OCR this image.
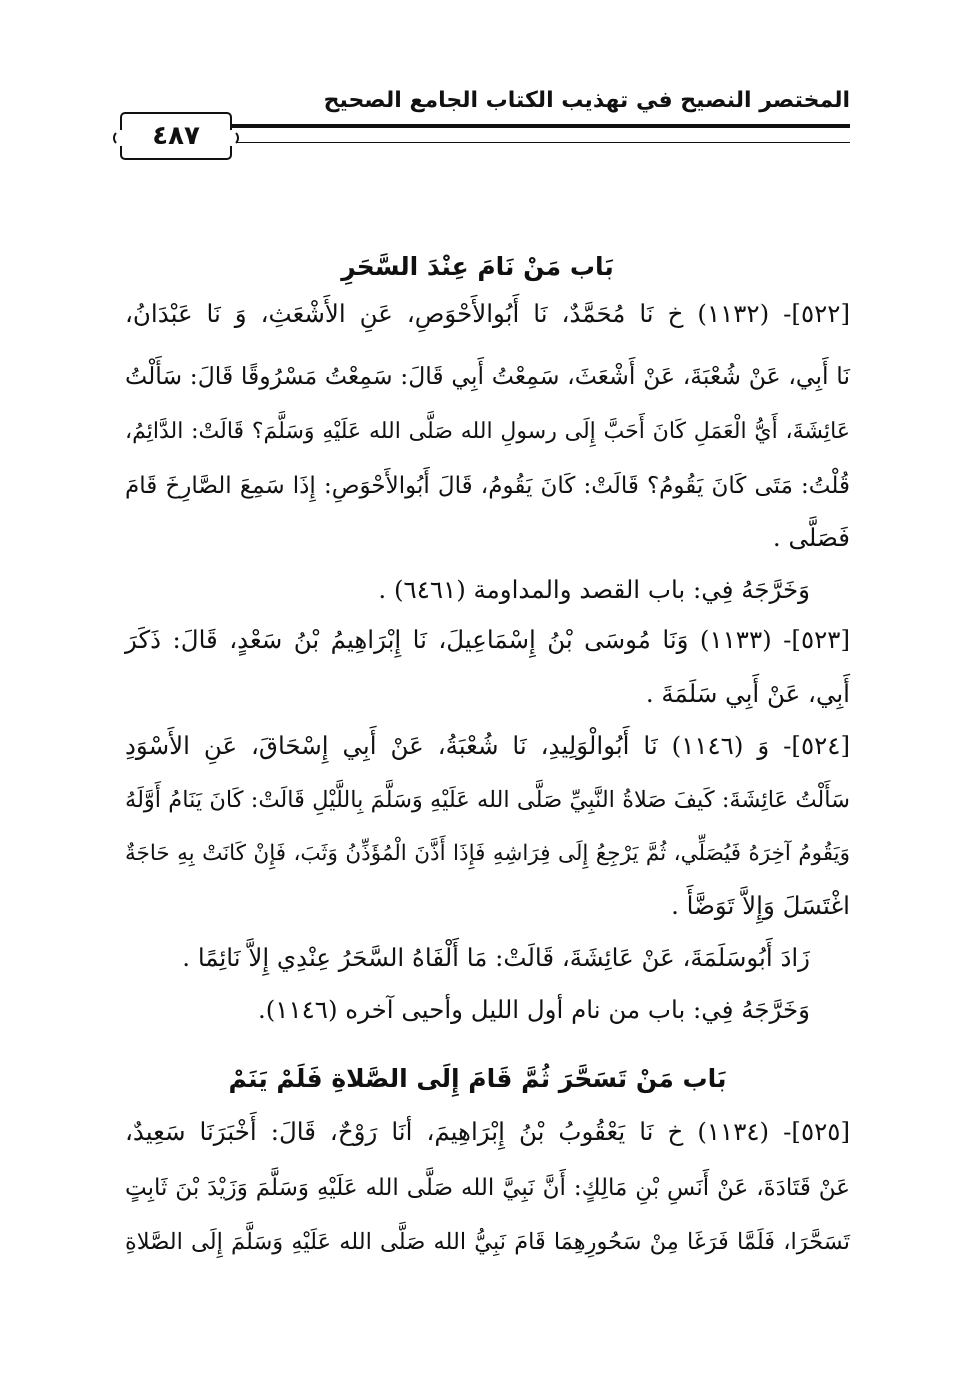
المختصر النصيح في تهذيب الكتاب الجامع الصحيح
٤٨٧
بَاب مَنْ نَامَ عِنْدَ السَّحَرِ
[٥٢٢]- (١١٣٢) خ نَا مُحَمَّدٌ، نَا أَبُوالأَحْوَصِ، عَنِ الأَشْعَثِ، وَ نَا عَبْدَانُ،
نَا أَبِي، عَنْ شُعْبَةَ، عَنْ أَشْعَثَ، سَمِعْتُ أَبِي قَالَ: سَمِعْتُ مَسْرُوقًا قَالَ: سَأَلْتُ
عَائِشَةَ، أَيُّ الْعَمَلِ كَانَ أَحَبَّ إِلَى رسولِ الله صَلَّى الله عَلَيْهِ وَسَلَّمَ؟ قَالَتْ: الدَّائِمُ،
قُلْتُ: مَتَى كَانَ يَقُومُ؟ قَالَتْ: كَانَ يَقُومُ، قَالَ أَبُوالأَحْوَصِ: إِذَا سَمِعَ الصَّارِخَ قَامَ
فَصَلَّى .
وَخَرَّجَهُ فِي: باب القصد والمداومة (٦٤٦١) .
[٥٢٣]- (١١٣٣) وَنَا مُوسَى بْنُ إِسْمَاعِيلَ، نَا إِبْرَاهِيمُ بْنُ سَعْدٍ، قَالَ: ذَكَرَ
أَبِي، عَنْ أَبِي سَلَمَةَ .
[٥٢٤]- وَ (١١٤٦) نَا أَبُوالْوَلِيدِ، نَا شُعْبَةُ، عَنْ أَبِي إِسْحَاقَ، عَنِ الأَسْوَدِ
سَأَلْتُ عَائِشَةَ: كَيفَ صَلاةُ النَّبِيِّ صَلَّى الله عَلَيْهِ وَسَلَّمَ بِاللَّيْلِ قَالَتْ: كَانَ يَنَامُ أَوَّلَهُ
وَيَقُومُ آخِرَهُ فَيُصَلِّي، ثُمَّ يَرْجِعُ إِلَى فِرَاشِهِ فَإِذَا أَذَّنَ الْمُؤَذِّنُ وَثَبَ، فَإِنْ كَانَتْ بِهِ حَاجَةٌ
اغْتَسَلَ وَإِلاَّ تَوَضَّأَ .
زَادَ أَبُوسَلَمَةَ، عَنْ عَائِشَةَ، قَالَتْ: مَا أَلْفَاهُ السَّحَرُ عِنْدِي إِلاَّ نَائِمًا .
وَخَرَّجَهُ فِي: باب من نام أول الليل وأحيى آخره (١١٤٦).
بَاب مَنْ تَسَحَّرَ ثُمَّ قَامَ إِلَى الصَّلاةِ فَلَمْ يَنَمْ
[٥٢٥]- (١١٣٤) خ نَا يَعْقُوبُ بْنُ إِبْرَاهِيمَ، أنَا رَوْحٌ، قَالَ: أَخْبَرَنَا سَعِيدٌ،
عَنْ قَتَادَةَ، عَنْ أَنَسِ بْنِ مَالِكٍ: أَنَّ نَبِيَّ الله صَلَّى الله عَلَيْهِ وَسَلَّمَ وَزَيْدَ بْنَ ثَابِتٍ
تَسَحَّرَا، فَلَمَّا فَرَغَا مِنْ سَحُورِهِمَا قَامَ نَبِيُّ الله صَلَّى الله عَلَيْهِ وَسَلَّمَ إِلَى الصَّلاةِ
